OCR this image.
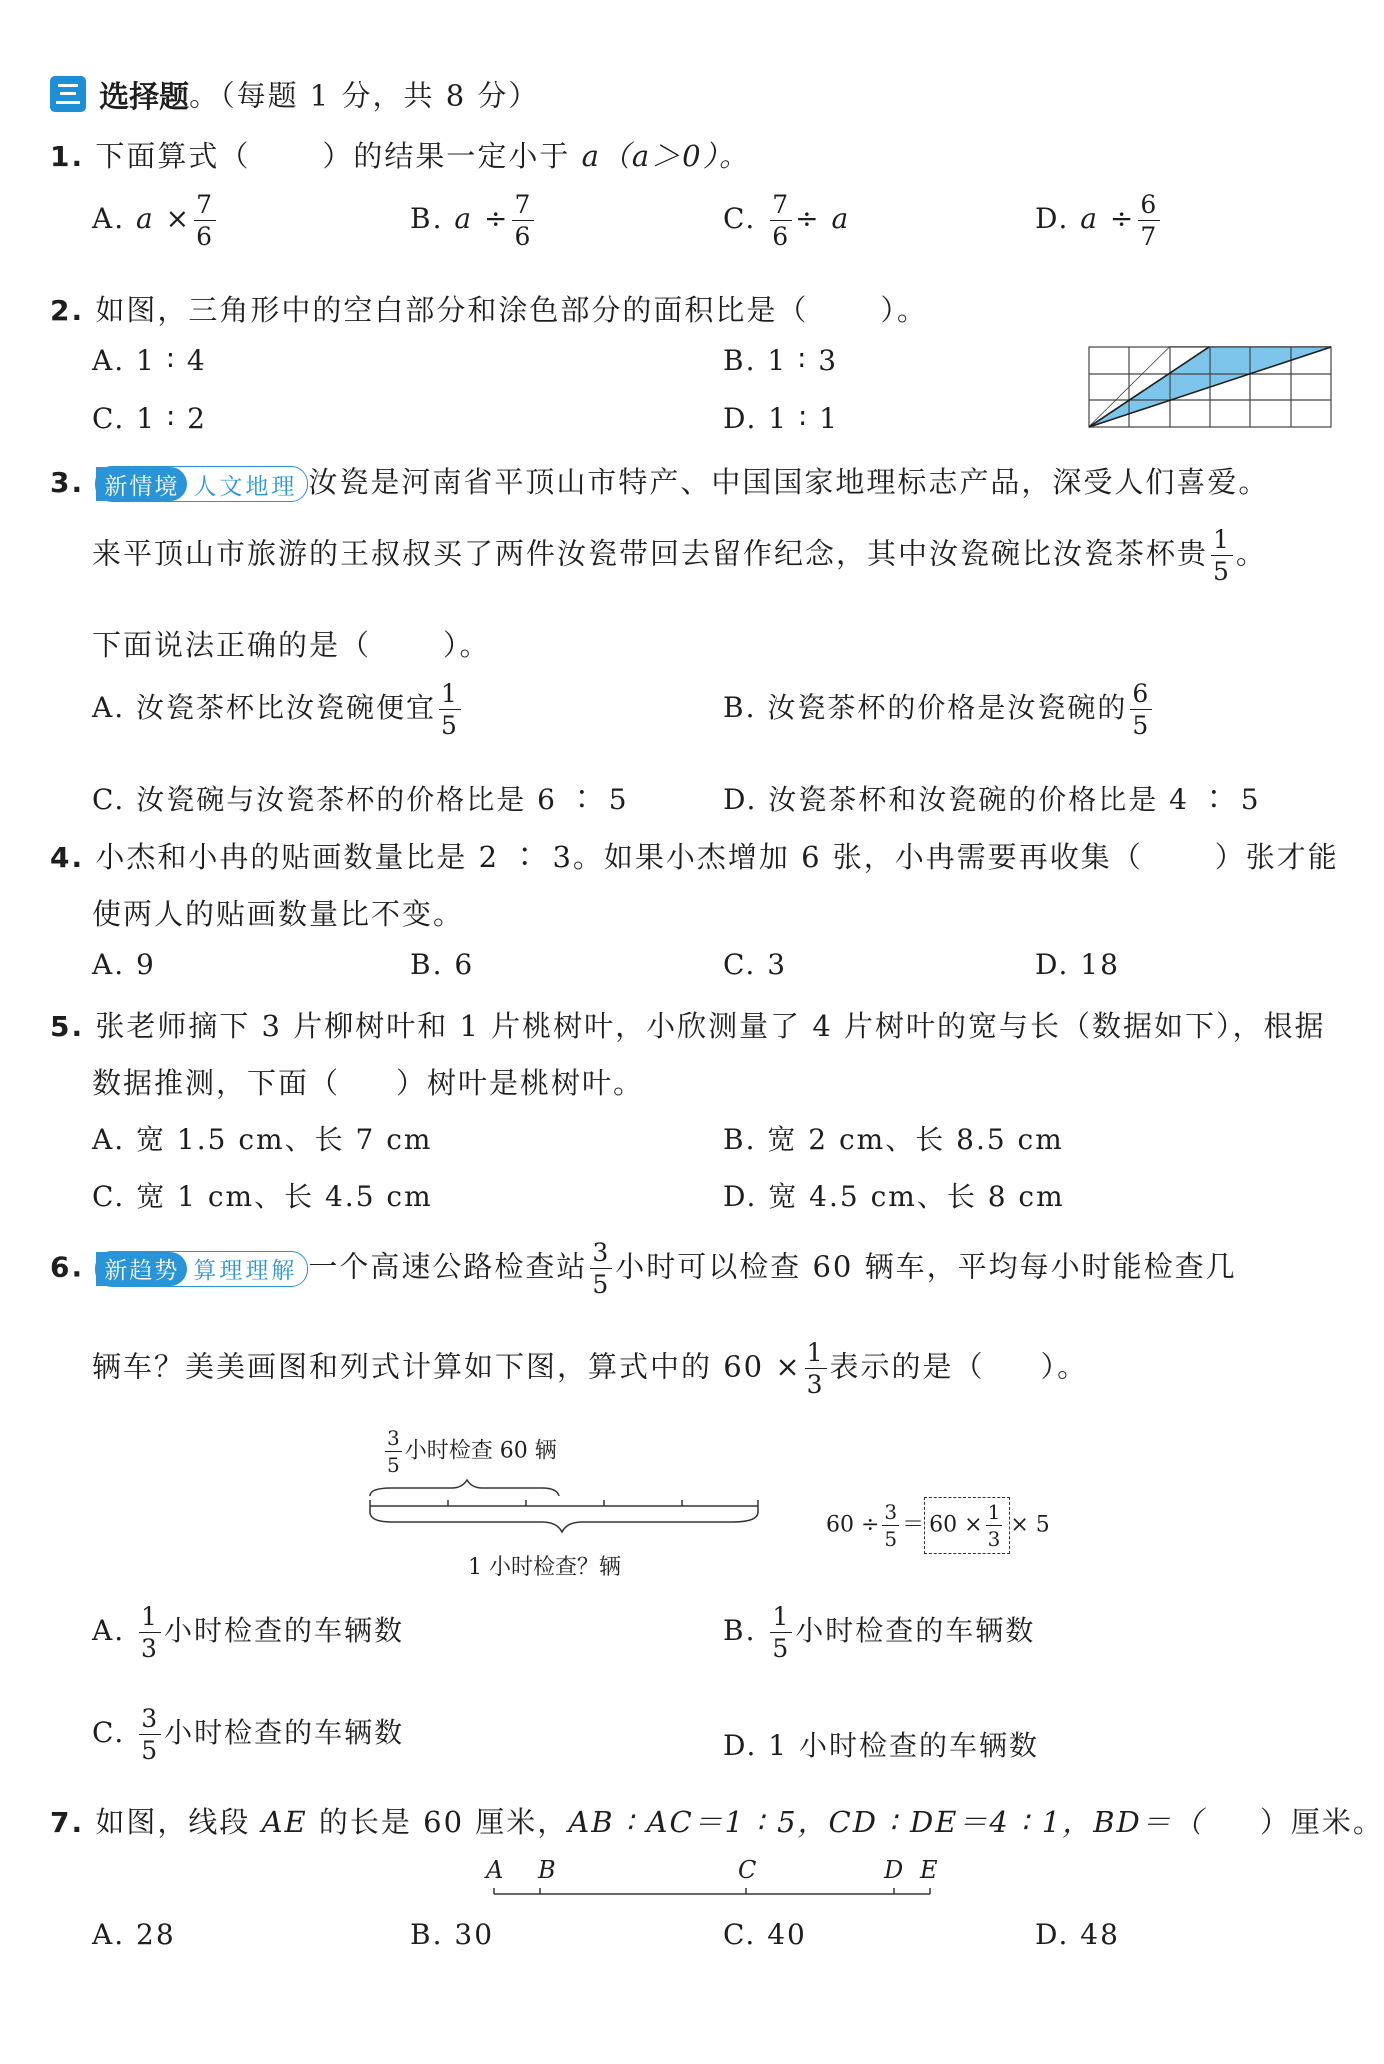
选择题。（每题 1 分，共 8 分）
1. 下面算式（ ）的结果一定小于 a（a＞0）。
A. $a \times \frac{7}{6}$	B. $a \div \frac{7}{6}$	C. $\frac{7}{6} \div a$	D. $a \div \frac{6}{7}$
2. 如图，三角形中的空白部分和涂色部分的面积比是（ ）。
A. 1 ∶ 4	B. 1 ∶ 3
C. 1 ∶ 2	D. 1 ∶ 1
3. 新情境 人文地理 汝瓷是河南省平顶山市特产、中国国家地理标志产品，深受人们喜爱。
来平顶山市旅游的王叔叔买了两件汝瓷带回去留作纪念，其中汝瓷碗比汝瓷茶杯贵 $\frac{1}{5}$ 。
下面说法正确的是（ ）。
A. 汝瓷茶杯比汝瓷碗便宜 $\frac{1}{5}$	B. 汝瓷茶杯的价格是汝瓷碗的 $\frac{6}{5}$
C. 汝瓷碗与汝瓷茶杯的价格比是 6 ∶ 5	D. 汝瓷茶杯和汝瓷碗的价格比是 4 ∶ 5
4. 小杰和小冉的贴画数量比是 2 ∶ 3。如果小杰增加 6 张，小冉需要再收集（ ）张才能
使两人的贴画数量比不变。
A. 9	B. 6	C. 3	D. 18
5. 张老师摘下 3 片柳树叶和 1 片桃树叶，小欣测量了 4 片树叶的宽与长（数据如下），根据
数据推测，下面（ ）树叶是桃树叶。
A. 宽 1.5 cm、长 7 cm	B. 宽 2 cm、长 8.5 cm
C. 宽 1 cm、长 4.5 cm	D. 宽 4.5 cm、长 8 cm
6. 新趋势 算理理解 一个高速公路检查站 $\frac{3}{5}$ 小时可以检查 60 辆车，平均每小时能检查几
辆车？美美画图和列式计算如下图，算式中的 $60 \times \frac{1}{3}$ 表示的是（ ）。
$\frac{3}{5}$ 小时检查 60 辆
1 小时检查？辆
$60 \div \frac{3}{5} = 60 \times \frac{1}{3} \times 5$
A. $\frac{1}{3}$ 小时检查的车辆数	B. $\frac{1}{5}$ 小时检查的车辆数
C. $\frac{3}{5}$ 小时检查的车辆数	D. 1 小时检查的车辆数
7. 如图，线段 AE 的长是 60 厘米，AB ∶ AC＝1 ∶ 5，CD ∶ DE＝4 ∶ 1，BD＝（ ）厘米。
A B	C	D E
A. 28	B. 30	C. 40	D. 48
